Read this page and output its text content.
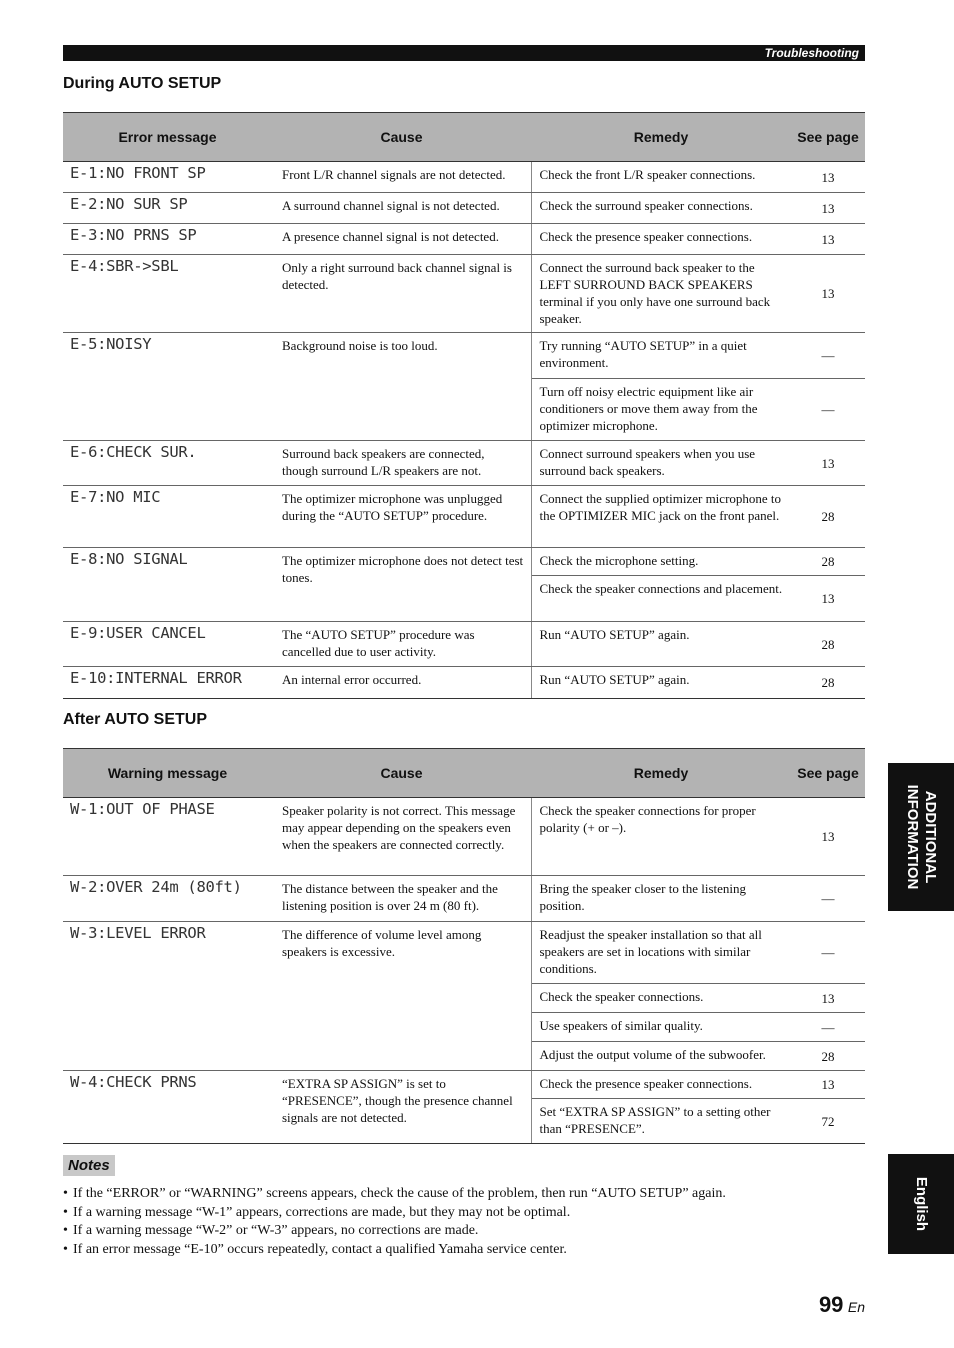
Troubleshooting
During AUTO SETUP
Error message	Cause	Remedy	See page
E-1:NO FRONT SP	Front L/R channel signals are not detected.	Check the front L/R speaker connections.	13
E-2:NO SUR SP	A surround channel signal is not detected.	Check the surround speaker connections.	13
E-3:NO PRNS SP	A presence channel signal is not detected.	Check the presence speaker connections.	13
E-4:SBR->SBL	Only a right surround back channel signal is detected.	Connect the surround back speaker to the LEFT SURROUND BACK SPEAKERS terminal if you only have one surround back speaker.	13
E-5:NOISY	Background noise is too loud.	Try running “AUTO SETUP” in a quiet environment.	—
		Turn off noisy electric equipment like air conditioners or move them away from the optimizer microphone.	—
E-6:CHECK SUR.	Surround back speakers are connected, though surround L/R speakers are not.	Connect surround speakers when you use surround back speakers.	13
E-7:NO MIC	The optimizer microphone was unplugged during the “AUTO SETUP” procedure.	Connect the supplied optimizer microphone to the OPTIMIZER MIC jack on the front panel.	28
E-8:NO SIGNAL	The optimizer microphone does not detect test tones.	Check the microphone setting.	28
		Check the speaker connections and placement.	13
E-9:USER CANCEL	The “AUTO SETUP” procedure was cancelled due to user activity.	Run “AUTO SETUP” again.	28
E-10:INTERNAL ERROR	An internal error occurred.	Run “AUTO SETUP” again.	28
After AUTO SETUP
Warning message	Cause	Remedy	See page
W-1:OUT OF PHASE	Speaker polarity is not correct. This message may appear depending on the speakers even when the speakers are connected correctly.	Check the speaker connections for proper polarity (+ or –).	13
W-2:OVER 24m (80ft)	The distance between the speaker and the listening position is over 24 m (80 ft).	Bring the speaker closer to the listening position.	—
W-3:LEVEL ERROR	The difference of volume level among speakers is excessive.	Readjust the speaker installation so that all speakers are set in locations with similar conditions.	—
		Check the speaker connections.	13
		Use speakers of similar quality.	—
		Adjust the output volume of the subwoofer.	28
W-4:CHECK PRNS	“EXTRA SP ASSIGN” is set to “PRESENCE”, though the presence channel signals are not detected.	Check the presence speaker connections.	13
		Set “EXTRA SP ASSIGN” to a setting other than “PRESENCE”.	72
Notes
• If the “ERROR” or “WARNING” screens appears, check the cause of the problem, then run “AUTO SETUP” again.
• If a warning message “W-1” appears, corrections are made, but they may not be optimal.
• If a warning message “W-2” or “W-3” appears, no corrections are made.
• If an error message “E-10” occurs repeatedly, contact a qualified Yamaha service center.
ADDITIONAL
INFORMATION
English
99 En
